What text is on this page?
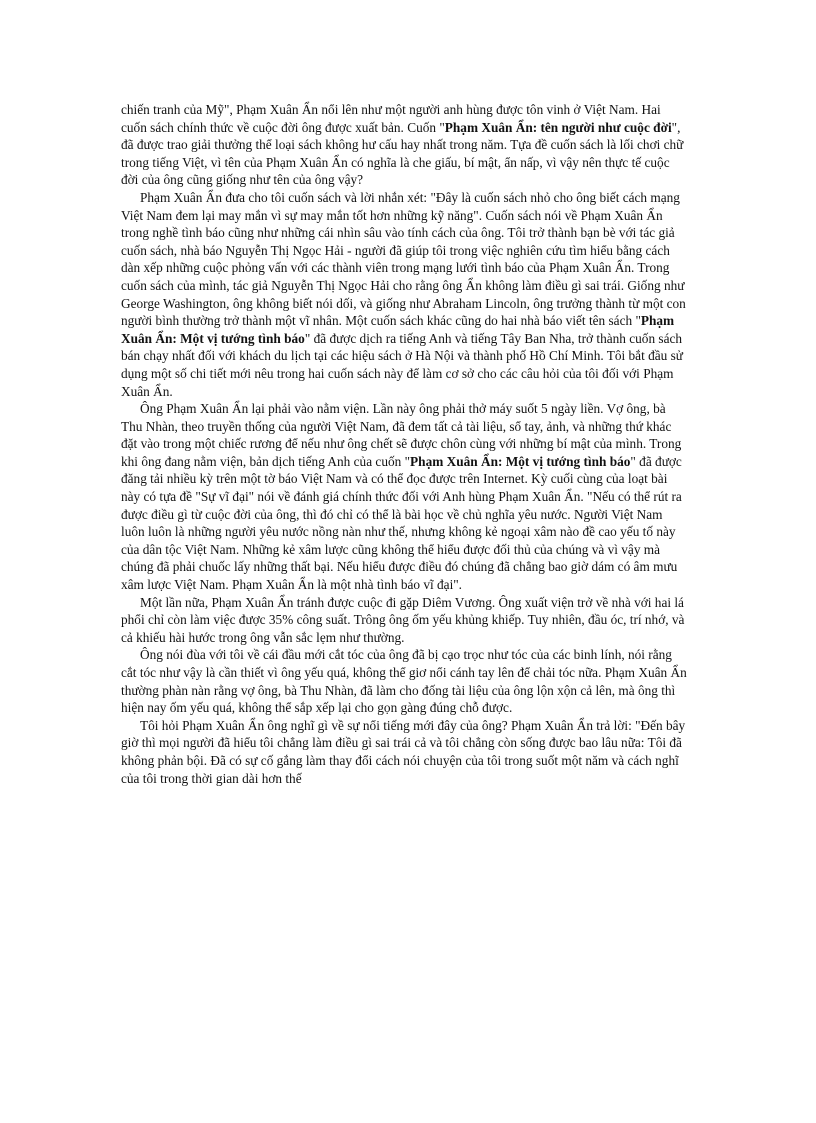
chiến tranh của Mỹ", Phạm Xuân Ẩn nổi lên như một người anh hùng được tôn vinh ở Việt Nam. Hai cuốn sách chính thức về cuộc đời ông được xuất bản. Cuốn "Phạm Xuân Ẩn: tên người như cuộc đời", đã được trao giải thưởng thể loại sách không hư cấu hay nhất trong năm. Tựa đề cuốn sách là lối chơi chữ trong tiếng Việt, vì tên của Phạm Xuân Ẩn có nghĩa là che giấu, bí mật, ẩn nấp, vì vậy nên thực tế cuộc đời của ông cũng giống như tên của ông vậy?

Phạm Xuân Ẩn đưa cho tôi cuốn sách và lời nhắn xét: "Đây là cuốn sách nhỏ cho ông biết cách mạng Việt Nam đem lại may mắn vì sự may mắn tốt hơn những kỹ năng". Cuốn sách nói về Phạm Xuân Ẩn trong nghề tình báo cũng như những cái nhìn sâu vào tính cách của ông. Tôi trở thành bạn bè với tác giả cuốn sách, nhà báo Nguyễn Thị Ngọc Hải - người đã giúp tôi trong việc nghiên cứu tìm hiểu bằng cách dàn xếp những cuộc phỏng vấn với các thành viên trong mạng lưới tình báo của Phạm Xuân Ẩn. Trong cuốn sách của mình, tác giả Nguyễn Thị Ngọc Hải cho rằng ông Ẩn không làm điều gì sai trái. Giống như George Washington, ông không biết nói dối, và giống như Abraham Lincoln, ông trưởng thành từ một con người bình thường trở thành một vĩ nhân. Một cuốn sách khác cũng do hai nhà báo viết tên sách "Phạm Xuân Ẩn: Một vị tướng tình báo" đã được dịch ra tiếng Anh và tiếng Tây Ban Nha, trở thành cuốn sách bán chạy nhất đối với khách du lịch tại các hiệu sách ở Hà Nội và thành phố Hồ Chí Minh. Tôi bắt đầu sử dụng một số chi tiết mới nêu trong hai cuốn sách này để làm cơ sở cho các câu hỏi của tôi đối với Phạm Xuân Ẩn.

Ông Phạm Xuân Ẩn lại phải vào nằm viện. Lần này ông phải thở máy suốt 5 ngày liền. Vợ ông, bà Thu Nhàn, theo truyền thống của người Việt Nam, đã đem tất cả tài liệu, sổ tay, ảnh, và những thứ khác đặt vào trong một chiếc rương để nếu như ông chết sẽ được chôn cùng với những bí mật của mình. Trong khi ông đang nằm viện, bản dịch tiếng Anh của cuốn "Phạm Xuân Ẩn: Một vị tướng tình báo" đã được đăng tải nhiều kỳ trên một tờ báo Việt Nam và có thể đọc được trên Internet. Kỳ cuối cùng của loạt bài này có tựa đề "Sự vĩ đại" nói về đánh giá chính thức đối với Anh hùng Phạm Xuân Ẩn. "Nếu có thể rút ra được điều gì từ cuộc đời của ông, thì đó chỉ có thể là bài học về chủ nghĩa yêu nước. Người Việt Nam luôn luôn là những người yêu nước nồng nàn như thế, nhưng không kẻ ngoại xâm nào đề cao yếu tố này của dân tộc Việt Nam. Những kẻ xâm lược cũng không thể hiểu được đối thủ của chúng và vì vậy mà chúng đã phải chuốc lấy những thất bại. Nếu hiểu được điều đó chúng đã chẳng bao giờ dám có âm mưu xâm lược Việt Nam. Phạm Xuân Ẩn là một nhà tình báo vĩ đại".

Một lần nữa, Phạm Xuân Ẩn tránh được cuộc đi gặp Diêm Vương. Ông xuất viện trở về nhà với hai lá phổi chỉ còn làm việc được 35% công suất. Trông ông ốm yếu khủng khiếp. Tuy nhiên, đầu óc, trí nhớ, và cả khiếu hài hước trong ông vẫn sắc lẹm như thường.

Ông nói đùa với tôi về cái đầu mới cắt tóc của ông đã bị cạo trọc như tóc của các binh lính, nói rằng cắt tóc như vậy là cần thiết vì ông yếu quá, không thể giơ nổi cánh tay lên để chải tóc nữa. Phạm Xuân Ẩn thường phàn nàn rằng vợ ông, bà Thu Nhàn, đã làm cho đống tài liệu của ông lộn xộn cả lên, mà ông thì hiện nay ốm yếu quá, không thể sắp xếp lại cho gọn gàng đúng chỗ được.

Tôi hỏi Phạm Xuân Ẩn ông nghĩ gì về sự nổi tiếng mới đây của ông? Phạm Xuân Ẩn trả lời: "Đến bây giờ thì mọi người đã hiểu tôi chẳng làm điều gì sai trái cả và tôi chẳng còn sống được bao lâu nữa: Tôi đã không phản bội. Đã có sự cố gắng làm thay đổi cách nói chuyện của tôi trong suốt một năm và cách nghĩ của tôi trong thời gian dài hơn thế
